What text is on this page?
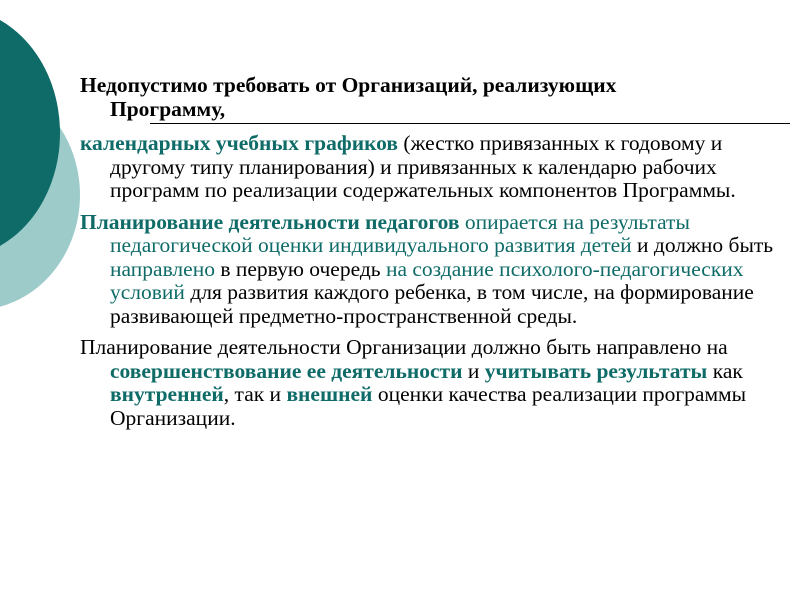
Недопустимо требовать от Организаций, реализующих
Программу,
календарных учебных графиков (жестко привязанных к годовому и другому типу планирования) и привязанных к календарю рабочих программ по реализации содержательных компонентов Программы.
Планирование деятельности педагогов опирается на результаты педагогической оценки индивидуального развития детей и должно быть направлено в первую очередь на создание психолого-педагогических условий для развития каждого ребенка, в том числе, на формирование развивающей предметно-пространственной среды.
Планирование деятельности Организации должно быть направлено на совершенствование ее деятельности и учитывать результаты как внутренней, так и внешней оценки качества реализации программы Организации.
